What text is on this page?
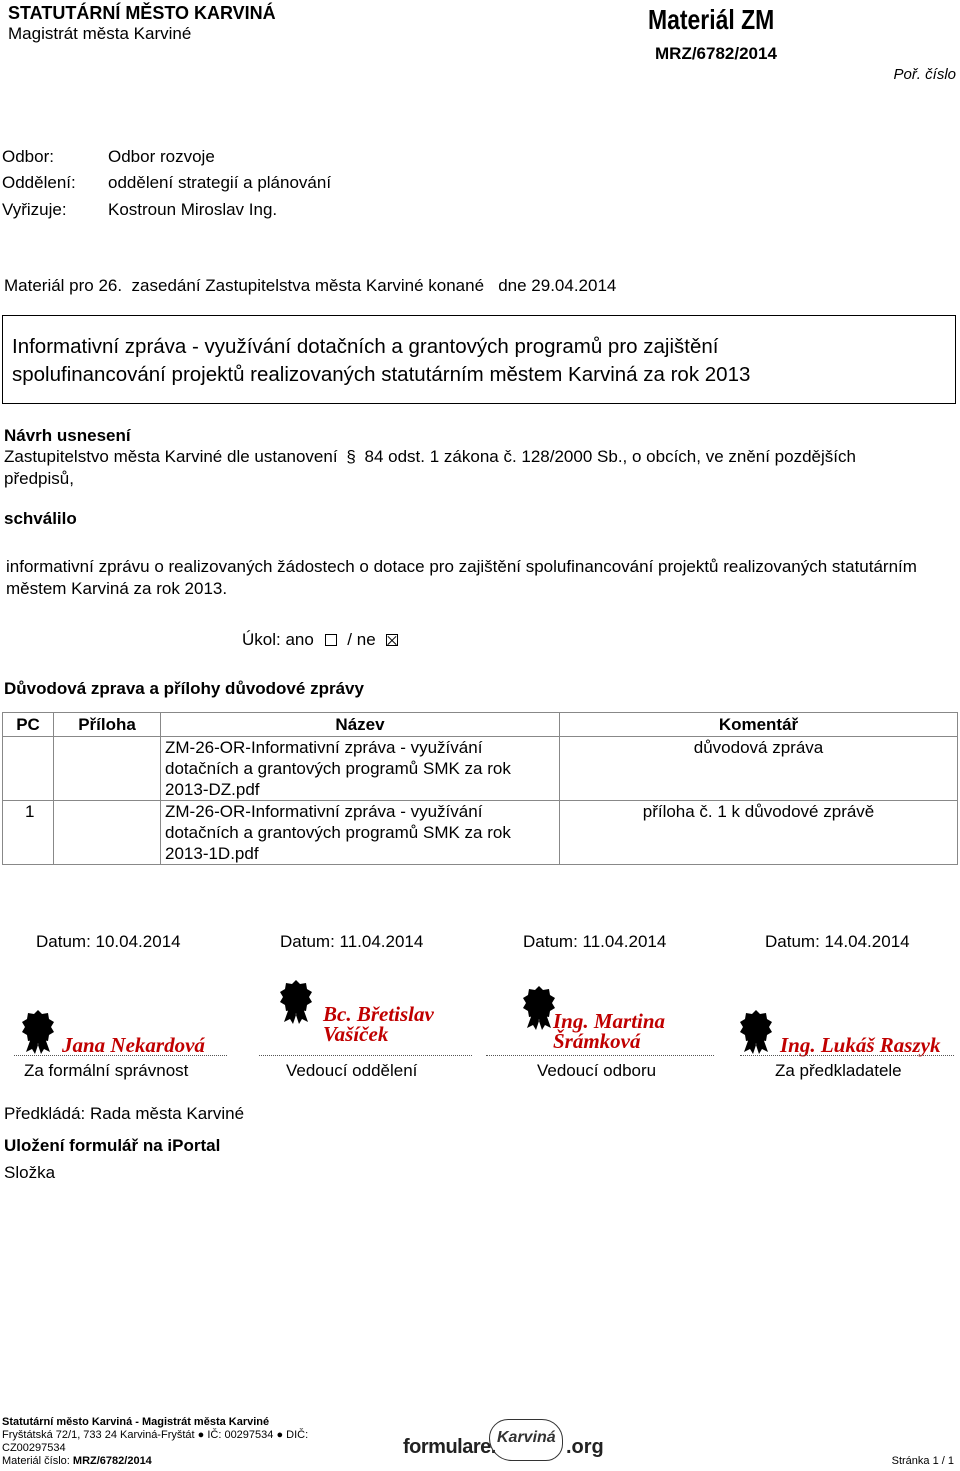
STATUTÁRNÍ MĚSTO KARVINÁ
Magistrát města Karviné	Materiál ZM
MRZ/6782/2014
Poř. číslo
Odbor:	Odbor rozvoje
Oddělení: oddělení strategií a plánování
Vyřizuje: Kostroun Miroslav Ing.
Materiál pro 26.  zasedání Zastupitelstva města Karviné konané   dne 29.04.2014
Informativní zpráva - využívání dotačních a grantových programů pro zajištění
spolufinancování projektů realizovaných statutárním městem Karviná za rok 2013
Návrh usnesení
Zastupitelstvo města Karviné dle ustanovení § 84 odst. 1 zákona č. 128/2000 Sb., o obcích, ve znění pozdějších
předpisů,
schválilo
informativní zprávu o realizovaných žádostech o dotace pro zajištění spolufinancování projektů realizovaných statutárním městem Karviná za rok 2013.
Úkol: ano / ne
Důvodová zprava a přílohy důvodové zprávy
PC	Příloha	Název	Komentář
		ZM-26-OR-Informativní zpráva - využívání dotačních a grantových programů SMK za rok 2013-DZ.pdf	důvodová zpráva
1		ZM-26-OR-Informativní zpráva - využívání dotačních a grantových programů SMK za rok 2013-1D.pdf	příloha č. 1 k důvodové zprávě
Datum: 10.04.2014	Datum: 11.04.2014	Datum: 11.04.2014	Datum: 14.04.2014
Jana Nekardová
Bc. Břetislav Vašíček
Ing. Martina Šrámková	Ing. Lukáš Raszyk
Za formální správnost	Vedoucí oddělení	Vedoucí odboru	Za předkladatele
Předkládá: Rada města Karviné
Uložení formulář na iPortal
Složka
Statutární město Karviná - Magistrát města Karviné
Fryštátská 72/1, 733 24 Karviná-Fryštát ● IČ: 00297534 ● DIČ:
CZ00297534
Materiál číslo: MRZ/6782/2014
formulare. Karviná .org
Stránka 1 / 1
